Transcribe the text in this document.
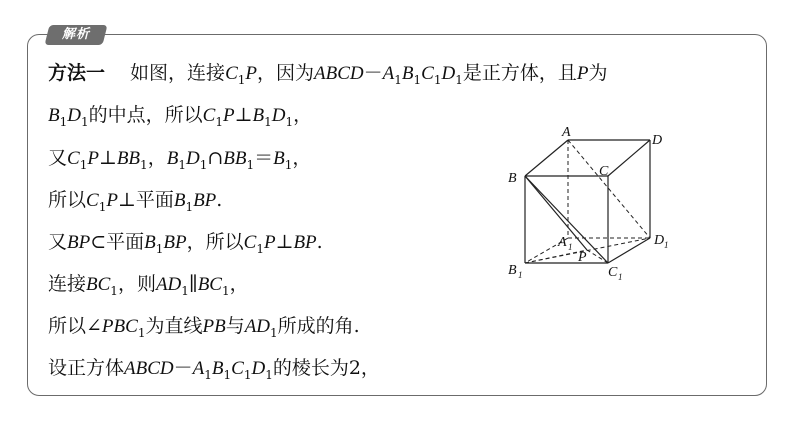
解析
方法一　 如图，连接$C_1P$，因为$ABCD-A_1B_1C_1D_1$是正方体，且P为
$B_1D_1$的中点，所以$C_1P\perp B_1D_1$，
又$C_1P\perp BB_1$，$B_1D_1\cap BB_1=B_1$，
所以$C_1P\perp$平面$B_1BP$.
又BP⊂平面$B_1BP$，所以$C_1P\perp BP$.
连接$BC_1$，则$AD_1\parallel BC_1$，
所以$\angle PBC_1$为直线PB与$AD_1$所成的角.
设正方体$ABCD-A_1B_1C_1D_1$的棱长为2，
A
D
B	C
A 1	D 1
B 1
P
C 1
